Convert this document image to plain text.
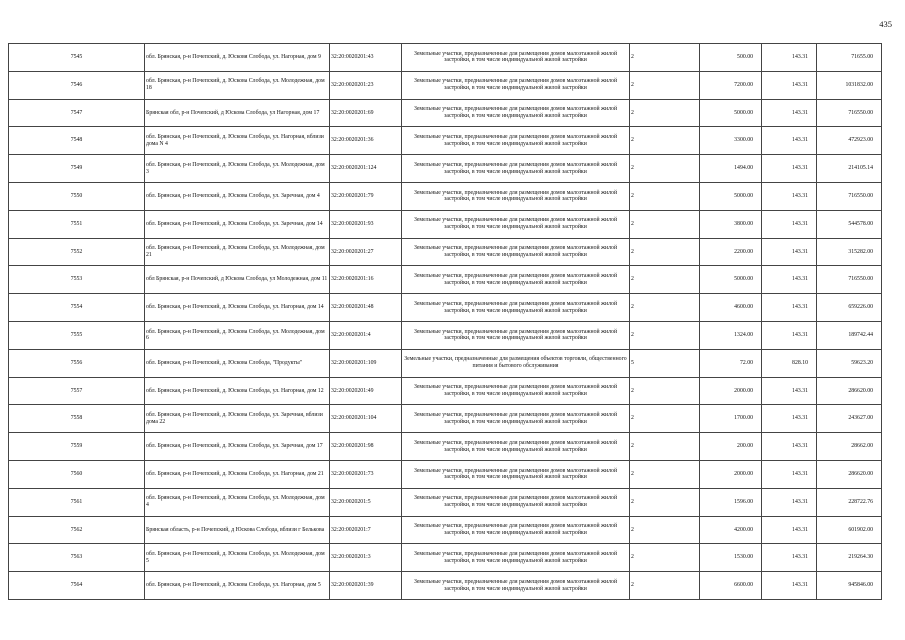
435
7545	обл. Брянская, р-н Почепский, д. Юсковя Слобода, ул. Нагорная, дом 9	32:20:0020201:43	Земельные участки, предназначенные для размещения домов малоэтажной жилой застройки, в том числе индивидуальной жилой застройки	2	500.00	143.31	71655.00
7546	обл. Брянская, р-н Почепский, д. Юскова Слобода, ул. Молодежная, дом 18	32:20:0020201:23	Земельные участки, предназначенные для размещения домов малоэтажной жилой застройки, в том числе индивидуальной жилой застройки	2	7200.00	143.31	1031832.00
7547	Брянская обл, р-н Почепский, д Юскова Слобода, ул Нагорная, дом 17	32:20:0020201:69	Земельные участки, предназначенные для размещения домов малоэтажной жилой застройки, в том числе индивидуальной жилой застройки	2	5000.00	143.31	716550.00
7548	обл. Брянская, р-н Почепский, д. Юскова Слобода, ул. Нагорная, вблизи дома N 4	32:20:0020201:36	Земельные участки, предназначенные для размещения домов малоэтажной жилой застройки, в том числе индивидуальной жилой застройки	2	3300.00	143.31	472923.00
7549	обл. Брянская, р-н Почепский, д. Юскова Слобода, ул. Молодежная, дом 3	32:20:0020201:124	Земельные участки, предназначенные для размещения домов малоэтажной жилой застройки, в том числе индивидуальной жилой застройки	2	1494.00	143.31	214105.14
7550	обл. Брянская, р-н Почепский, д. Юскова Слобода, ул. Заречная, дом 4	32:20:0020201:79	Земельные участки, предназначенные для размещения домов малоэтажной жилой застройки, в том числе индивидуальной жилой застройки	2	5000.00	143.31	716550.00
7551	обл. Брянская, р-н Почепский, д. Юскова Слобода, ул. Заречная, дом 14	32:20:0020201:93	Земельные участки, предназначенные для размещения домов малоэтажной жилой застройки, в том числе индивидуальной жилой застройки	2	3800.00	143.31	544578.00
7552	обл. Брянская, р-н Почепский, д. Юскова Слобода, ул. Молодежная, дом 21	32:20:0020201:27	Земельные участки, предназначенные для размещения домов малоэтажной жилой застройки, в том числе индивидуальной жилой застройки	2	2200.00	143.31	315282.00
7553	обл Брянская, р-н Почепский, д Юскова Слобода, ул Молодежная, дом 11	32:20:0020201:16	Земельные участки, предназначенные для размещения домов малоэтажной жилой застройки, в том числе индивидуальной жилой застройки	2	5000.00	143.31	716550.00
7554	обл. Брянская, р-н Почепский, д. Юскова Слобода, ул. Нагорная, дом 14	32:20:0020201:48	Земельные участки, предназначенные для размещения домов малоэтажной жилой застройки, в том числе индивидуальной жилой застройки	2	4600.00	143.31	659226.00
7555	обл. Брянская, р-н Почепский, д. Юскова Слобода, ул. Молодежная, дом 6	32:20:0020201:4	Земельные участки, предназначенные для размещения домов малоэтажной жилой застройки, в том числе индивидуальной жилой застройки	2	1324.00	143.31	189742.44
7556	обл. Брянская, р-н Почепский, д. Юскова Слобода, "Продукты"	32:20:0020201:109	Земельные участки, предназначенные для размещения объектов торговли, общественного питания и бытового обслуживания	5	72.00	828.10	59623.20
7557	обл. Брянская, р-н Почепский, д. Юскова Слобода, ул. Нагорная, дом 12	32:20:0020201:49	Земельные участки, предназначенные для размещения домов малоэтажной жилой застройки, в том числе индивидуальной жилой застройки	2	2000.00	143.31	286620.00
7558	обл. Брянская, р-н Почепский, д. Юскова Слобода, ул. Заречная, вблизи дома 22	32:20:0020201:104	Земельные участки, предназначенные для размещения домов малоэтажной жилой застройки, в том числе индивидуальной жилой застройки	2	1700.00	143.31	243627.00
7559	обл. Брянская, р-н Почепский, д. Юскова Слобода, ул. Заречная, дом 17	32:20:0020201:98	Земельные участки, предназначенные для размещения домов малоэтажной жилой застройки, в том числе индивидуальной жилой застройки	2	200.00	143.31	28662.00
7560	обл. Брянская, р-н Почепский, д. Юскова Слобода, ул. Нагорная, дом 21	32:20:0020201:73	Земельные участки, предназначенные для размещения домов малоэтажной жилой застройки, в том числе индивидуальной жилой застройки	2	2000.00	143.31	286620.00
7561	обл. Брянская, р-н Почепский, д. Юскова Слобода, ул. Молодежная, дом 4	32:20:0020201:5	Земельные участки, предназначенные для размещения домов малоэтажной жилой застройки, в том числе индивидуальной жилой застройки	2	1596.00	143.31	228722.76
7562	Брянская область, р-н Почепский, д Юскова Слобода, вблизи г Белькова	32:20:0020201:7	Земельные участки, предназначенные для размещения домов малоэтажной жилой застройки, в том числе индивидуальной жилой застройки	2	4200.00	143.31	601902.00
7563	обл. Брянская, р-н Почепский, д. Юскова Слобода, ул. Молодежная, дом 5	32:20:0020201:3	Земельные участки, предназначенные для размещения домов малоэтажной жилой застройки, в том числе индивидуальной жилой застройки	2	1530.00	143.31	219264.30
7564	обл. Брянская, р-н Почепский, д. Юскова Слобода, ул. Нагорная, дом 5	32:20:0020201:39	Земельные участки, предназначенные для размещения домов малоэтажной жилой застройки, в том числе индивидуальной жилой застройки	2	6600.00	143.31	945846.00
